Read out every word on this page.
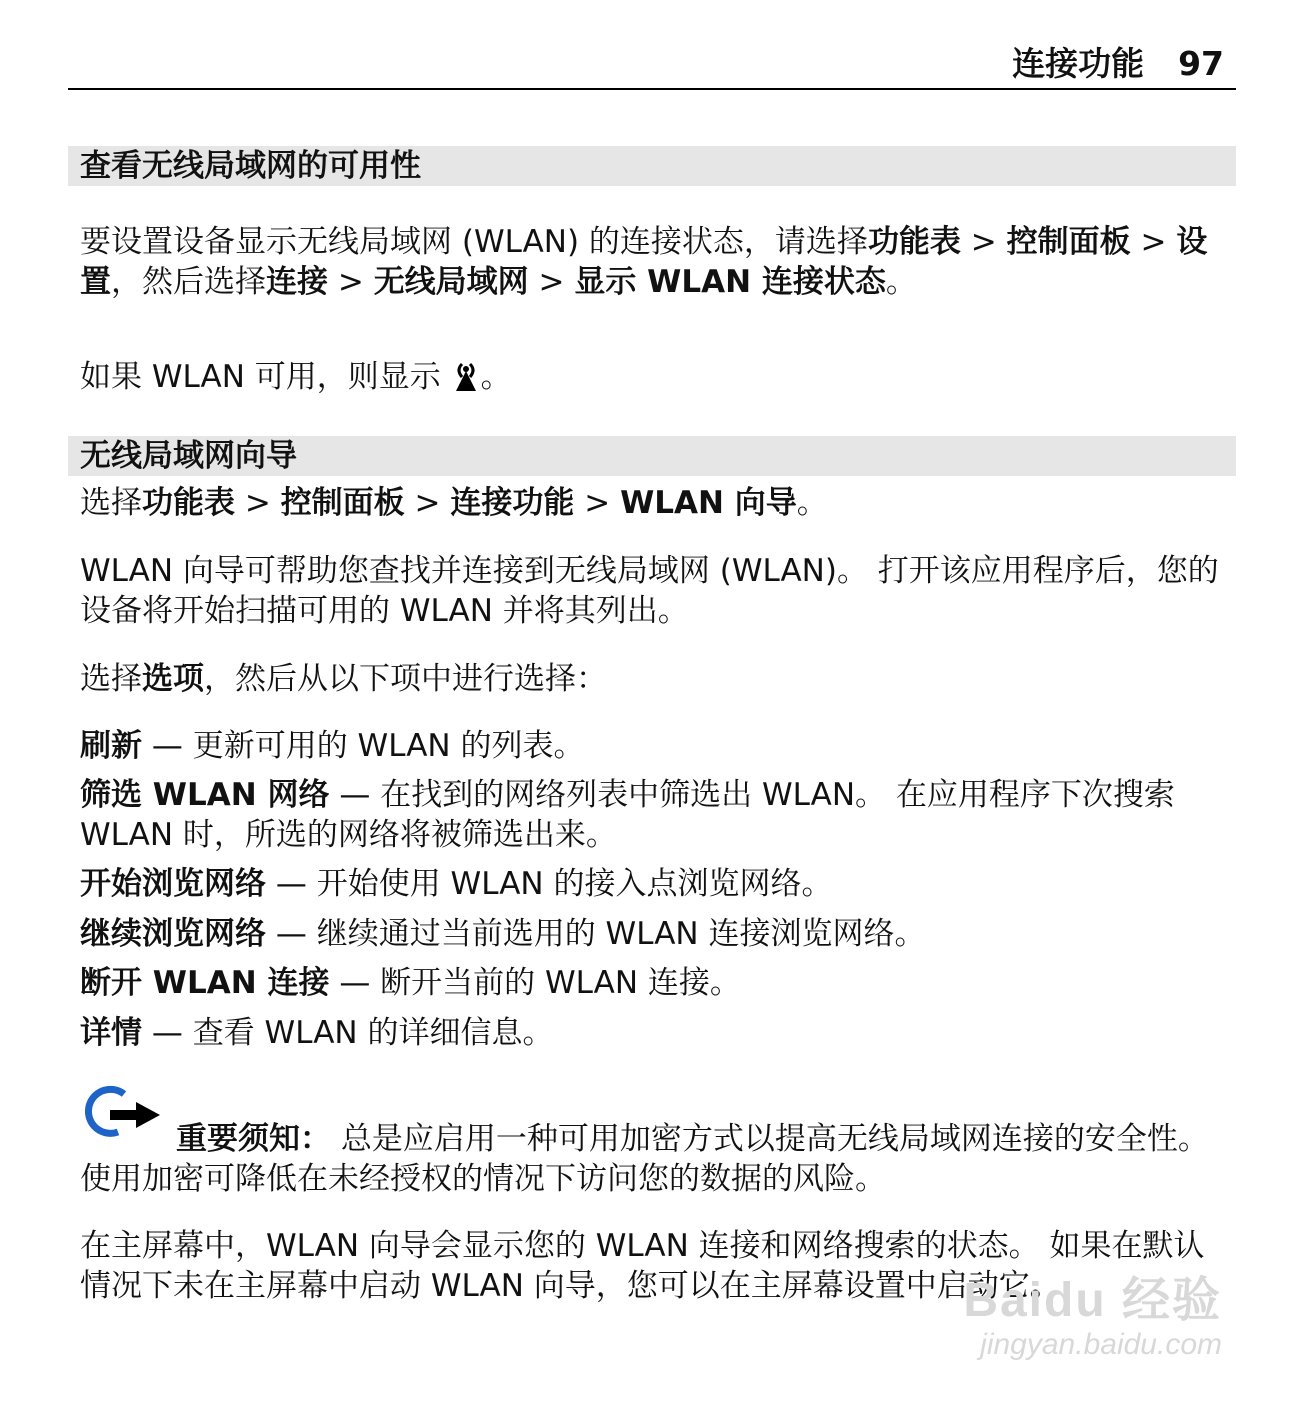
连接功能 97
查看无线局域网的可用性

要设置设备显示无线局域网 (WLAN) 的连接状态，请选择功能表 > 控制面板 > 设置，然后选择连接 > 无线局域网 > 显示 WLAN 连接状态。

如果 WLAN 可用，则显示 。

无线局域网向导

选择功能表 > 控制面板 > 连接功能 > WLAN 向导。

WLAN 向导可帮助您查找并连接到无线局域网 (WLAN)。 打开该应用程序后，您的设备将开始扫描可用的 WLAN 并将其列出。

选择选项，然后从以下项中进行选择：

刷新 — 更新可用的 WLAN 的列表。

筛选 WLAN 网络 — 在找到的网络列表中筛选出 WLAN。 在应用程序下次搜索 WLAN 时，所选的网络将被筛选出来。

开始浏览网络 — 开始使用 WLAN 的接入点浏览网络。

继续浏览网络 — 继续通过当前选用的 WLAN 连接浏览网络。

断开 WLAN 连接 — 断开当前的 WLAN 连接。

详情 — 查看 WLAN 的详细信息。

重要须知： 总是应启用一种可用加密方式以提高无线局域网连接的安全性。使用加密可降低在未经授权的情况下访问您的数据的风险。

在主屏幕中，WLAN 向导会显示您的 WLAN 连接和网络搜索的状态。 如果在默认情况下未在主屏幕中启动 WLAN 向导，您可以在主屏幕设置中启动它。

Baidu 经验
jingyan.baidu.com
